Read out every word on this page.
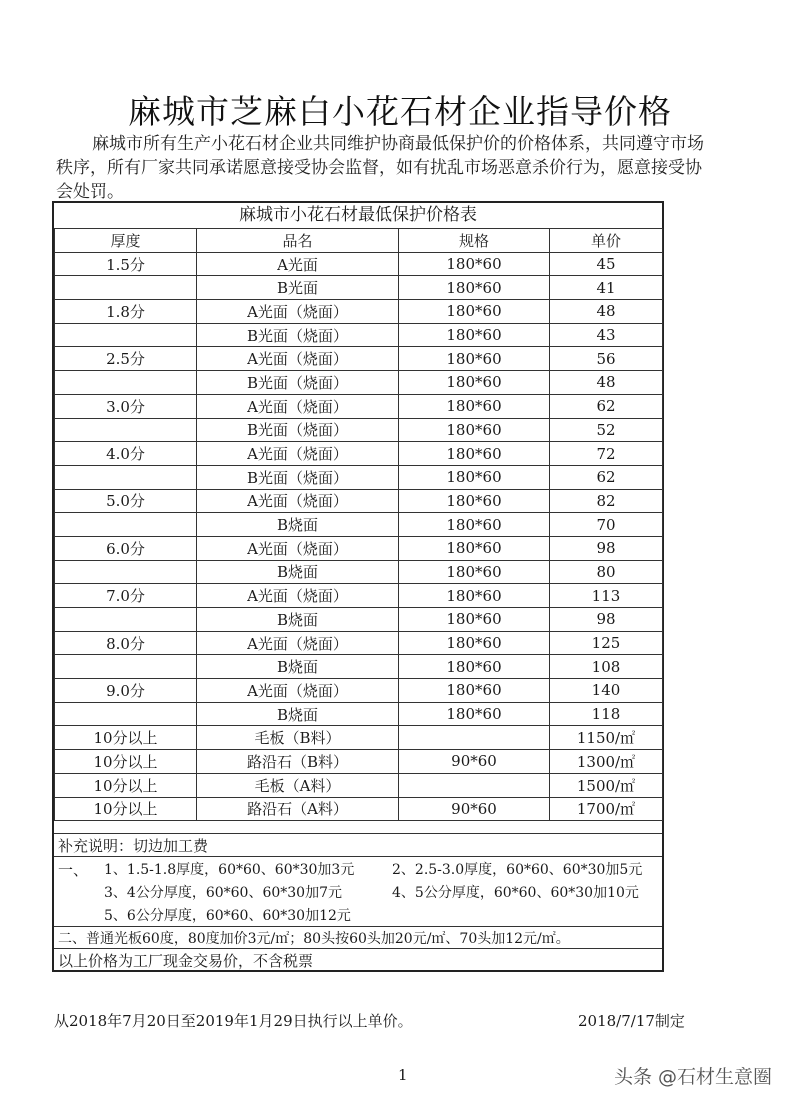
麻城市芝麻白小花石材企业指导价格
麻城市所有生产小花石材企业共同维护协商最低保护价的价格体系，共同遵守市场秩序，所有厂家共同承诺愿意接受协会监督，如有扰乱市场恶意杀价行为，愿意接受协会处罚。
麻城市小花石材最低保护价格表
厚度	品名	规格	单价
1.5分	A光面	180*60	45
	B光面	180*60	41
1.8分	A光面（烧面）	180*60	48
	B光面（烧面）	180*60	43
2.5分	A光面（烧面）	180*60	56
	B光面（烧面）	180*60	48
3.0分	A光面（烧面）	180*60	62
	B光面（烧面）	180*60	52
4.0分	A光面（烧面）	180*60	72
	B光面（烧面）	180*60	62
5.0分	A光面（烧面）	180*60	82
	B烧面	180*60	70
6.0分	A光面（烧面）	180*60	98
	B烧面	180*60	80
7.0分	A光面（烧面）	180*60	113
	B烧面	180*60	98
8.0分	A光面（烧面）	180*60	125
	B烧面	180*60	108
9.0分	A光面（烧面）	180*60	140
	B烧面	180*60	118
10分以上	毛板（B料）		1150/㎡
10分以上	路沿石（B料）	90*60	1300/㎡
10分以上	毛板（A料）		1500/㎡
10分以上	路沿石（A料）	90*60	1700/㎡
补充说明：切边加工费
一、 1、1.5-1.8厚度，60*60、60*30加3元	2、2.5-3.0厚度，60*60、60*30加5元
3、4公分厚度，60*60、60*30加7元	4、5公分厚度，60*60、60*30加10元
5、6公分厚度，60*60、60*30加12元
二、普通光板60度，80度加价3元/㎡；80头按60头加20元/㎡、70头加12元/㎡。
以上价格为工厂现金交易价，不含税票
从2018年7月20日至2019年1月29日执行以上单价。	2018/7/17制定
1	头条 @石材生意圈
